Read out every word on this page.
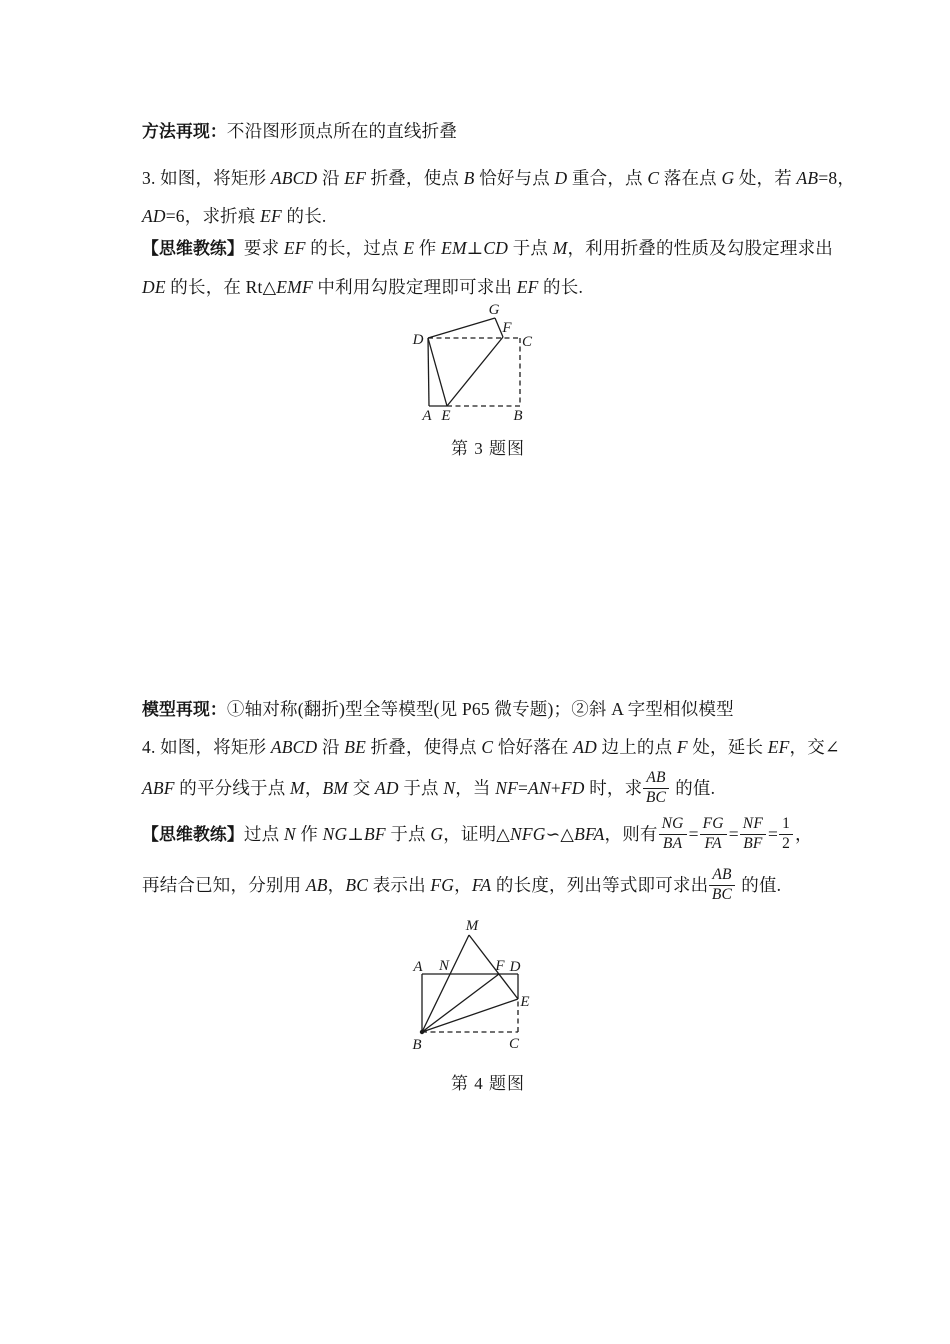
方法再现：不沿图形顶点所在的直线折叠
3. 如图，将矩形 ABCD 沿 EF 折叠，使点 B 恰好与点 D 重合，点 C 落在点 G 处，若 AB=8，
AD=6，求折痕 EF 的长.
【思维教练】要求 EF 的长，过点 E 作 EM⊥CD 于点 M，利用折叠的性质及勾股定理求出
DE 的长，在 Rt△EMF 中利用勾股定理即可求出 EF 的长.
D	C
A E	B
F
G
第 3 题图
模型再现：①轴对称(翻折)型全等模型(见 P65 微专题)；②斜 A 字型相似模型
4. 如图，将矩形 ABCD 沿 BE 折叠，使得点 C 恰好落在 AD 边上的点 F 处，延长 EF，交∠
ABF 的平分线于点 M，BM 交 AD 于点 N，当 NF=AN+FD 时，求 $\frac{AB}{BC}$ 的值.
【思维教练】过点 N 作 NG⊥BF 于点 G，证明△NFG∽△BFA，则有 $\frac{NG}{BA} = \frac{FG}{FA} = \frac{NF}{BF} = \frac{1}{2}$ ，
再结合已知，分别用 AB，BC 表示出 FG，FA 的长度，列出等式即可求出 $\frac{AB}{BC}$ 的值.
M
A N	F D
E
B	C
第 4 题图
